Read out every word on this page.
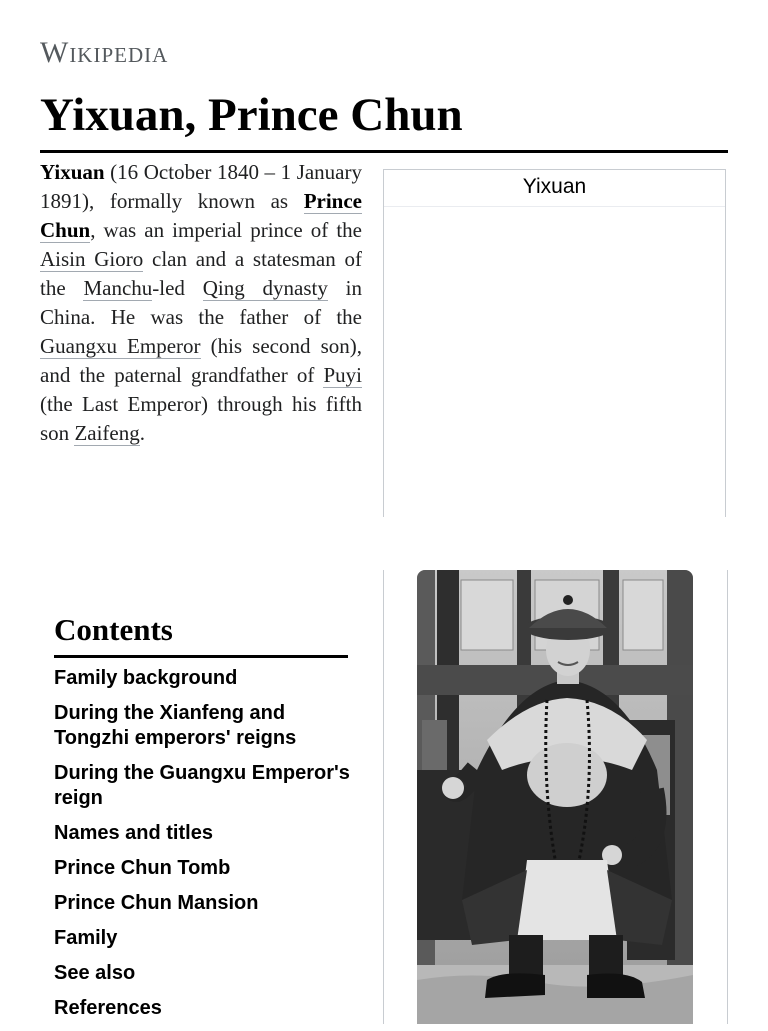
Wikipedia
Yixuan, Prince Chun

Yixuan (16 October 1840 – 1 January 1891), formally known as Prince Chun, was an imperial prince of the Aisin Gioro clan and a statesman of the Manchu-led Qing dynasty in China. He was the father of the Guangxu Emperor (his second son), and the paternal grandfather of Puyi (the Last Emperor) through his fifth son Zaifeng.

Yixuan
Contents
Family background
During the Xianfeng and Tongzhi emperors' reigns
During the Guangxu Emperor's reign
Names and titles
Prince Chun Tomb
Prince Chun Mansion
Family
See also
References
